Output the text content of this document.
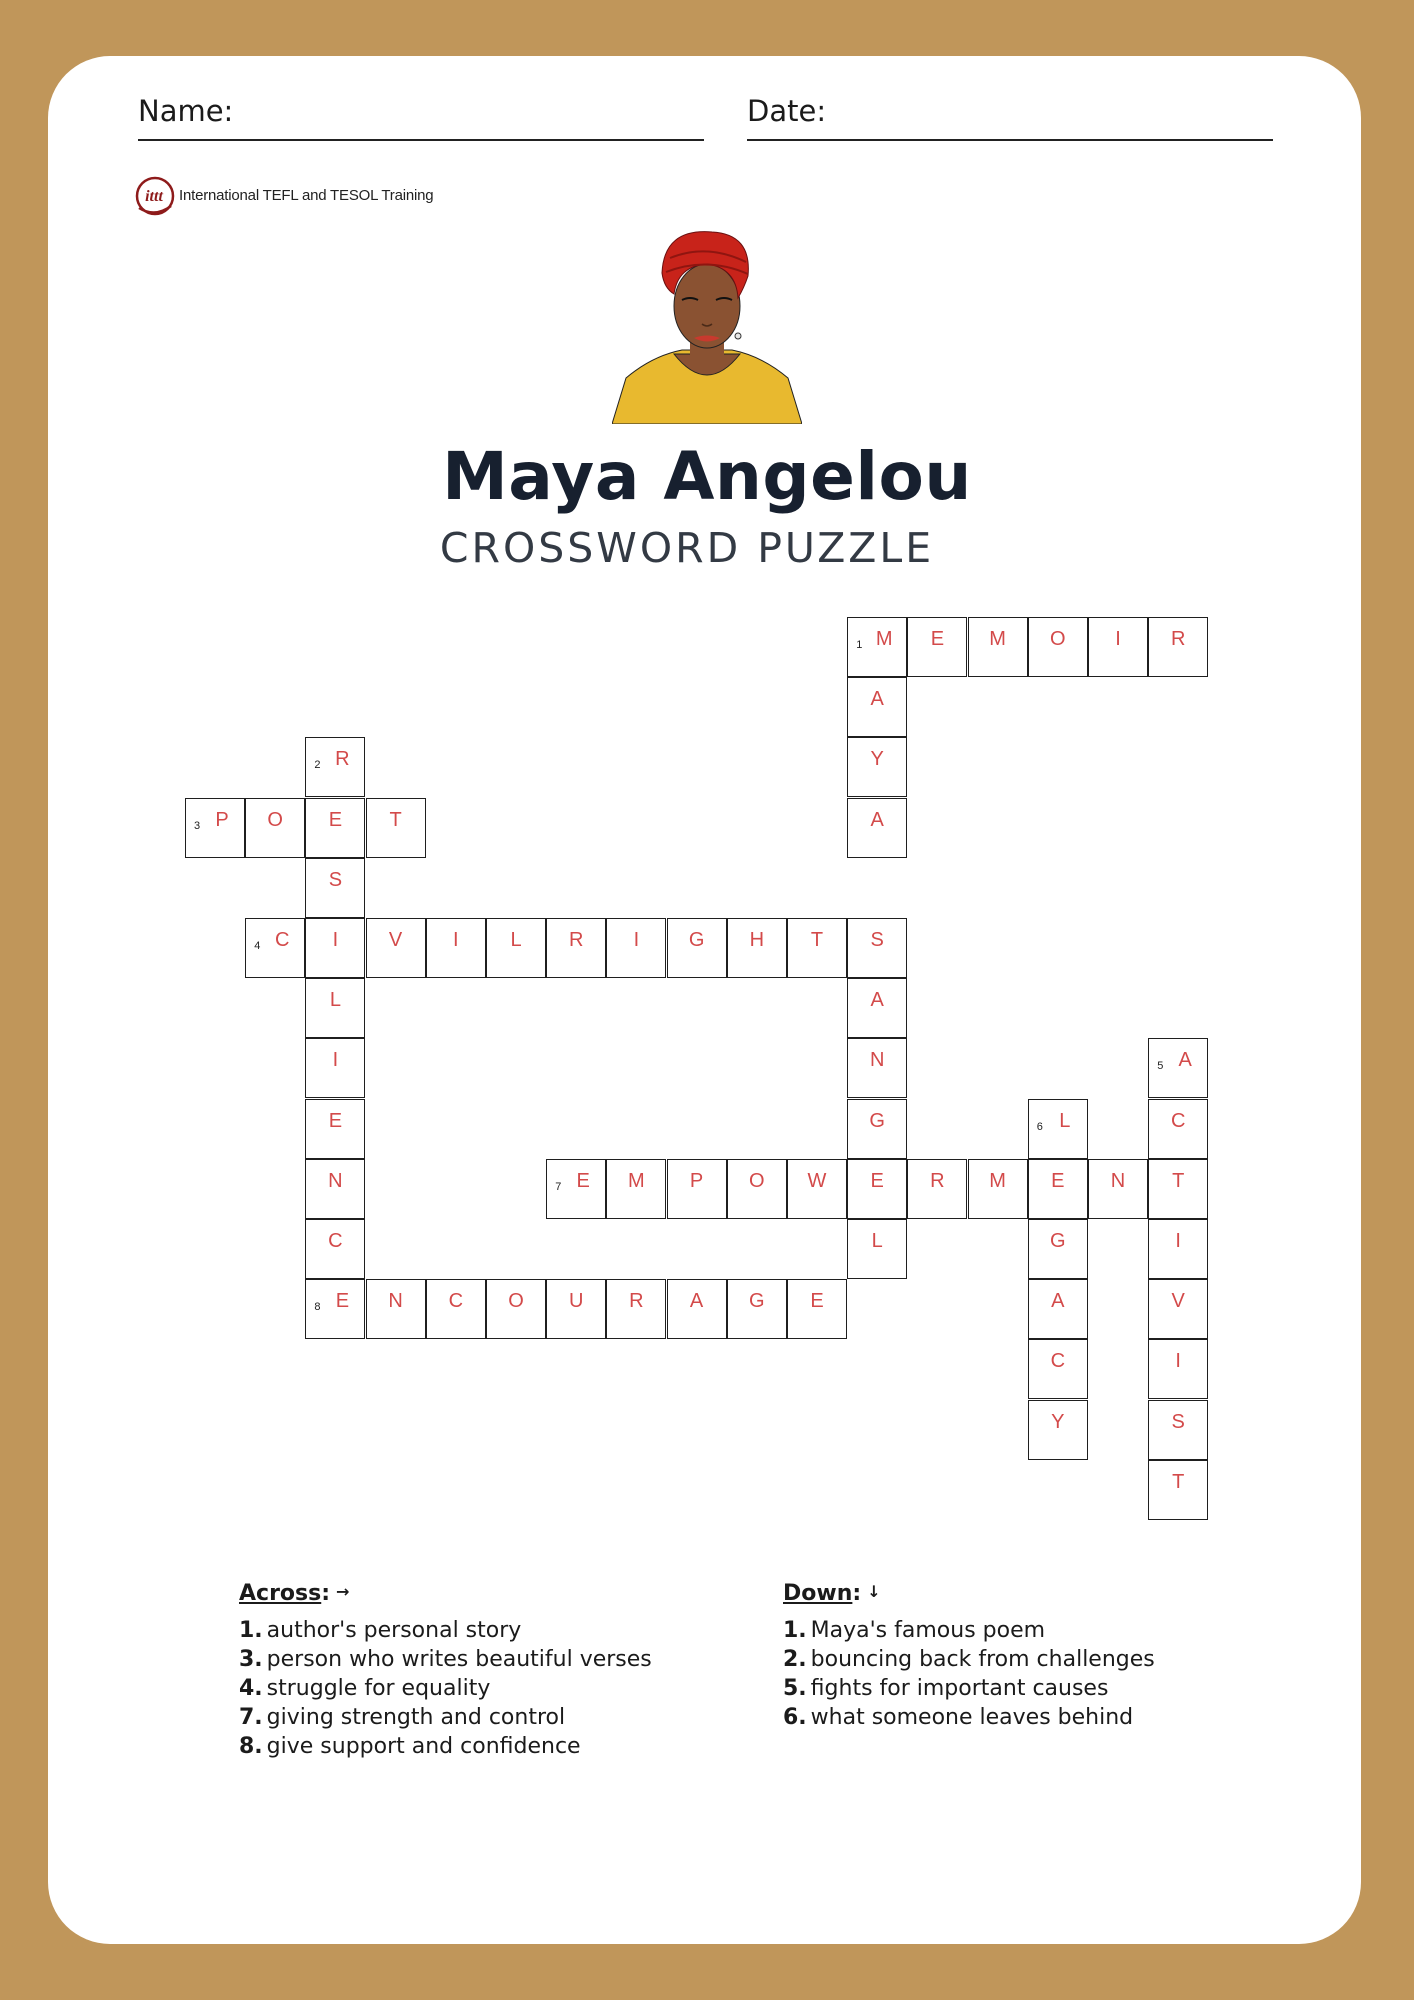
Name:	Date:
ittt International TEFL and TESOL Training
Maya Angelou
CROSSWORD PUZZLE
1 M	E	M	O	I	R
A
Y
A
2 R
E
S
I
L
I
E
N
C
8 E
3 P	O	T
4 C	V	I	L	R	I	G	H	T	S
A
N
G
E
L
5 A
C
T
I
V
I
S
T
6 L
E
G
A
C
Y
7 E	M	P	O	W	R	M	N
N	C	O	U	R	A	G	E
Across: →
1. author's personal story
3. person who writes beautiful verses
4. struggle for equality
7. giving strength and control
8. give support and confidence
Down: ↓
1. Maya's famous poem
2. bouncing back from challenges
5. fights for important causes
6. what someone leaves behind
